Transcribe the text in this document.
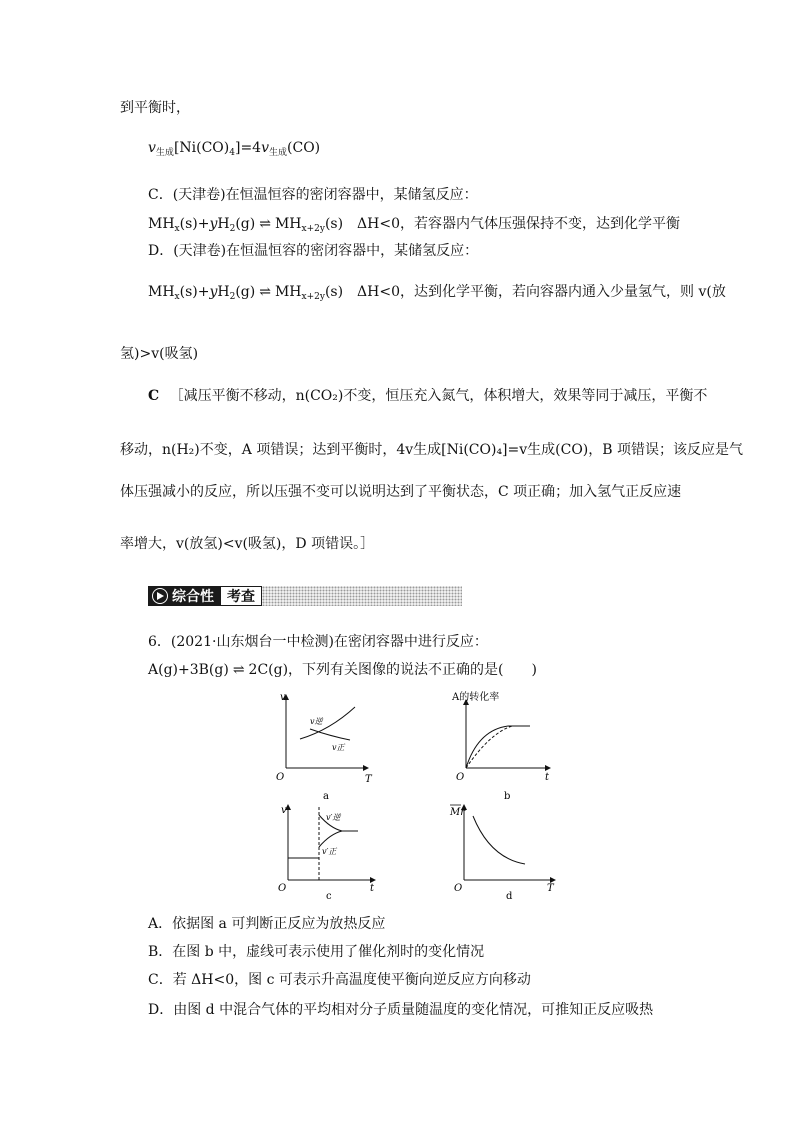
到平衡时，
$v_{生成}[Ni(CO)_4]=4v_{生成}(CO)$
C．(天津卷)在恒温恒容的密闭容器中，某储氢反应：
$MH_x(s)+yH_2(g)$ ⇌ $MH_{x+2y}(s)$　ΔH<0，若容器内气体压强保持不变，达到化学平衡
D．(天津卷)在恒温恒容的密闭容器中，某储氢反应：
$MH_x(s)+yH_2(g)$ ⇌ $MH_{x+2y}(s)$　ΔH<0，达到化学平衡，若向容器内通入少量氢气，则 v(放
氢)>v(吸氢)
C ［减压平衡不移动，n(CO₂)不变，恒压充入氮气，体积增大，效果等同于减压，平衡不
移动，n(H₂)不变，A 项错误；达到平衡时，4v生成[Ni(CO)₄]=v生成(CO)，B 项错误；该反应是气
体压强减小的反应，所以压强不变可以说明达到了平衡状态，C 项正确；加入氢气正反应速
率增大，v(放氢)<v(吸氢)，D 项错误。］
综合性 考查
6．(2021·山东烟台一中检测)在密闭容器中进行反应：
A(g)+3B(g) ⇌ 2C(g)，下列有关图像的说法不正确的是(　　)
v
O	T
v逆
v正
a
A的转化率
O	t
b
v
O	t
v′逆
v′正
c
Mr
O	T
d
A．依据图 a 可判断正反应为放热反应
B．在图 b 中，虚线可表示使用了催化剂时的变化情况
C．若 ΔH<0，图 c 可表示升高温度使平衡向逆反应方向移动
D．由图 d 中混合气体的平均相对分子质量随温度的变化情况，可推知正反应吸热
